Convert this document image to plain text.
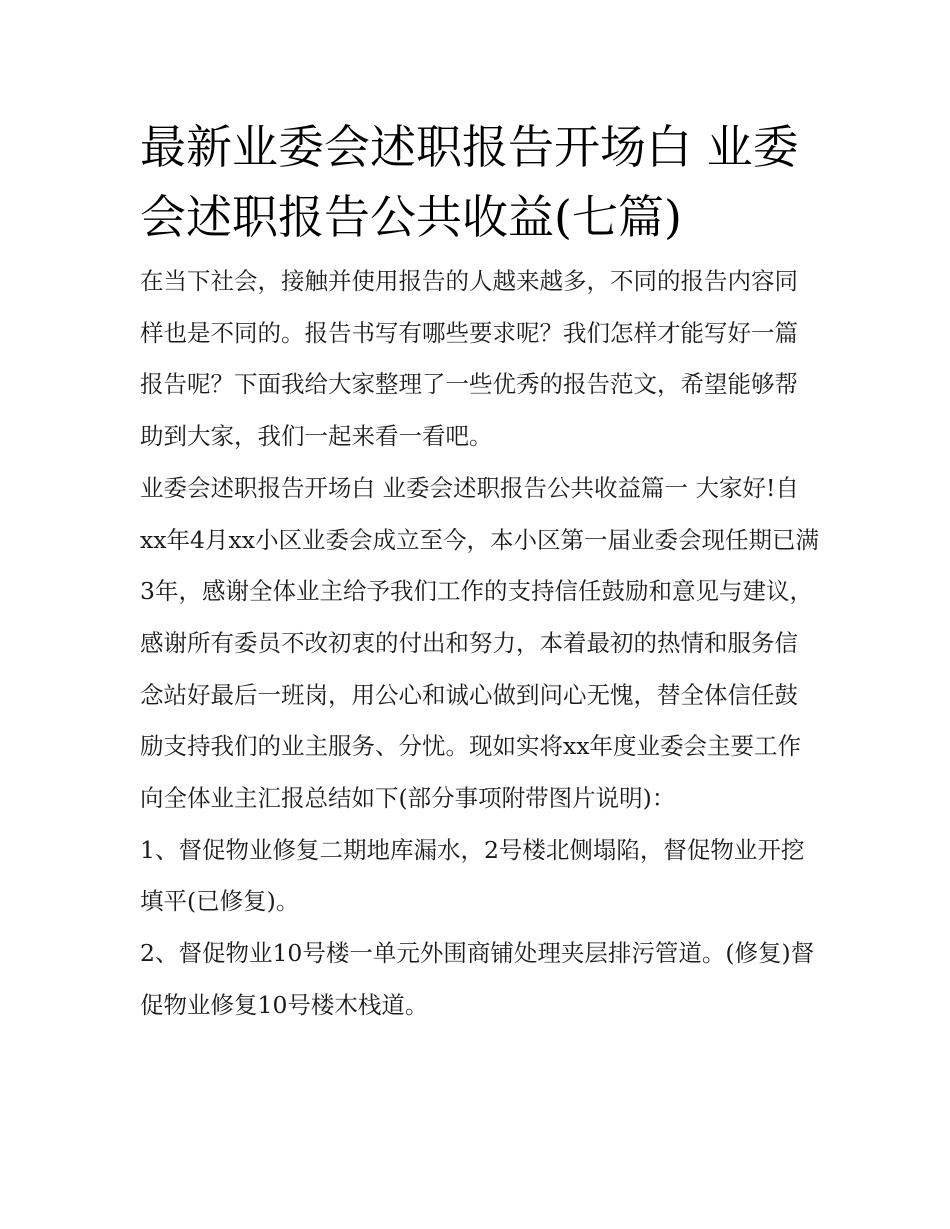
最新业委会述职报告开场白 业委会述职报告公共收益(七篇)

在当下社会，接触并使用报告的人越来越多，不同的报告内容同样也是不同的。报告书写有哪些要求呢？我们怎样才能写好一篇报告呢？下面我给大家整理了一些优秀的报告范文，希望能够帮助到大家，我们一起来看一看吧。

业委会述职报告开场白 业委会述职报告公共收益篇一 大家好!自xx年4月xx小区业委会成立至今，本小区第一届业委会现任期已满3年，感谢全体业主给予我们工作的支持信任鼓励和意见与建议，感谢所有委员不改初衷的付出和努力，本着最初的热情和服务信念站好最后一班岗，用公心和诚心做到问心无愧，替全体信任鼓励支持我们的业主服务、分忧。现如实将xx年度业委会主要工作向全体业主汇报总结如下(部分事项附带图片说明)：

1、督促物业修复二期地库漏水，2号楼北侧塌陷，督促物业开挖填平(已修复)。

2、督促物业10号楼一单元外围商铺处理夹层排污管道。(修复)督促物业修复10号楼木栈道。
